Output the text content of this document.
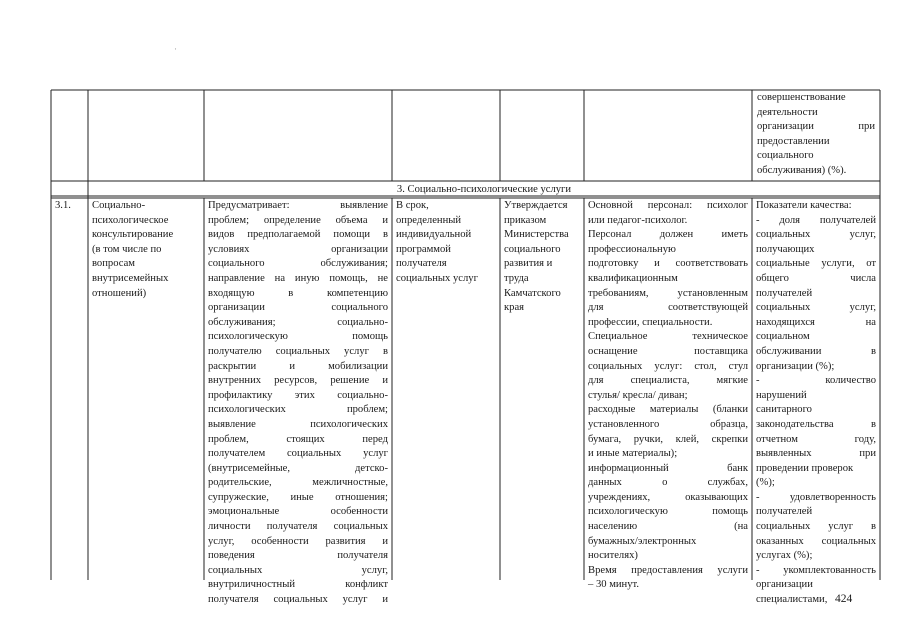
·
совершенствование
деятельности
организации при
предоставлении
социального
обслуживания) (%).
3. Социально-психологические услуги
3.1.	Социально-
психологическое
консультирование
(в том числе по
вопросам
внутрисемейных
отношений)
Предусматривает: выявление
проблем; определение объема и
видов предполагаемой помощи в
условиях организации
социального обслуживания;
направление на иную помощь, не
входящую в компетенцию
организации социального
обслуживания; социально-
психологическую помощь
получателю социальных услуг в
раскрытии и мобилизации
внутренних ресурсов, решение и
профилактику этих социально-
психологических проблем;
выявление психологических
проблем, стоящих перед
получателем социальных услуг
(внутрисемейные, детско-
родительские, межличностные,
супружеские, иные отношения;
эмоциональные особенности
личности получателя социальных
услуг, особенности развития и
поведения получателя
социальных услуг,
внутриличностный конфликт
получателя социальных услуг и
В срок,
определенный
индивидуальной
программой
получателя
социальных услуг
Утверждается
приказом
Министерства
социального
развития и
труда
Камчатского
края
Основной персонал: психолог
или педагог-психолог.
Персонал должен иметь
профессиональную
подготовку и соответствовать
квалификационным
требованиям, установленным
для соответствующей
профессии, специальности.
Специальное техническое
оснащение поставщика
социальных услуг: стол, стул
для специалиста, мягкие
стулья/ кресла/ диван;
расходные материалы (бланки
установленного образца,
бумага, ручки, клей, скрепки
и иные материалы);
информационный банк
данных о службах,
учреждениях, оказывающих
психологическую помощь
населению (на
бумажных/электронных
носителях)
Время предоставления услуги
– 30 минут.
Показатели качества:
- доля получателей
социальных услуг,
получающих
социальные услуги, от
общего числа
получателей
социальных услуг,
находящихся на
социальном
обслуживании в
организации (%);
- количество
нарушений
санитарного
законодательства в
отчетном году,
выявленных при
проведении проверок
(%);
- удовлетворенность
получателей
социальных услуг в
оказанных социальных
услугах (%);
- укомплектованность
организации
специалистами, 424
